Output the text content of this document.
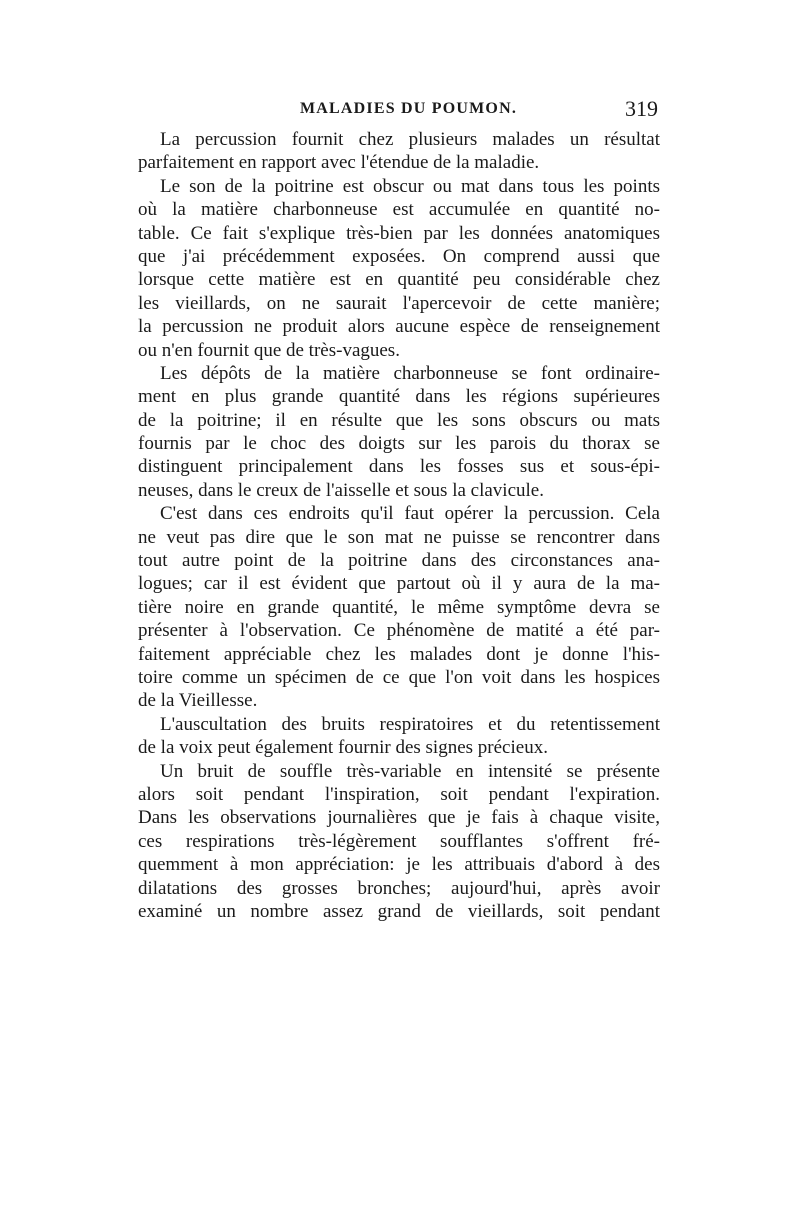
MALADIES DU POUMON.	319
La percussion fournit chez plusieurs malades un résultat
parfaitement en rapport avec l'étendue de la maladie.
Le son de la poitrine est obscur ou mat dans tous les points
où la matière charbonneuse est accumulée en quantité no-
table. Ce fait s'explique très-bien par les données anatomiques
que j'ai précédemment exposées. On comprend aussi que
lorsque cette matière est en quantité peu considérable chez
les vieillards, on ne saurait l'apercevoir de cette manière;
la percussion ne produit alors aucune espèce de renseignement
ou n'en fournit que de très-vagues.
Les dépôts de la matière charbonneuse se font ordinaire-
ment en plus grande quantité dans les régions supérieures
de la poitrine; il en résulte que les sons obscurs ou mats
fournis par le choc des doigts sur les parois du thorax se
distinguent principalement dans les fosses sus et sous-épi-
neuses, dans le creux de l'aisselle et sous la clavicule.
C'est dans ces endroits qu'il faut opérer la percussion. Cela
ne veut pas dire que le son mat ne puisse se rencontrer dans
tout autre point de la poitrine dans des circonstances ana-
logues; car il est évident que partout où il y aura de la ma-
tière noire en grande quantité, le même symptôme devra se
présenter à l'observation. Ce phénomène de matité a été par-
faitement appréciable chez les malades dont je donne l'his-
toire comme un spécimen de ce que l'on voit dans les hospices
de la Vieillesse.
L'auscultation des bruits respiratoires et du retentissement
de la voix peut également fournir des signes précieux.
Un bruit de souffle très-variable en intensité se présente
alors soit pendant l'inspiration, soit pendant l'expiration.
Dans les observations journalières que je fais à chaque visite,
ces respirations très-légèrement soufflantes s'offrent fré-
quemment à mon appréciation: je les attribuais d'abord à des
dilatations des grosses bronches; aujourd'hui, après avoir
examiné un nombre assez grand de vieillards, soit pendant
